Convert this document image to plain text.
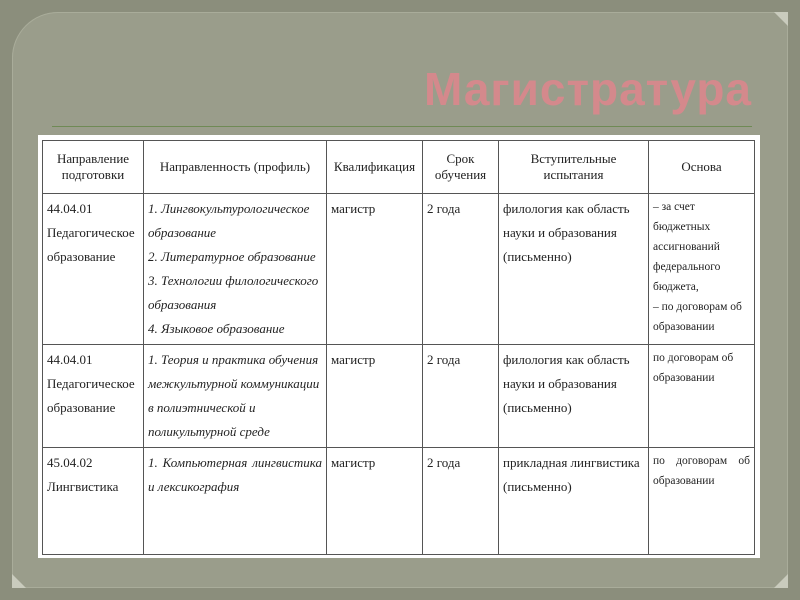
Магистратура
Направление подготовки	Направленность (профиль)	Квалификация	Срок обучения	Вступительные испытания	Основа
44.04.01 Педагогическое образование	1. Лингвокультурологическое образование
2. Литературное образование
3. Технологии филологического образования
4. Языковое образование	магистр	2 года	филология как область науки и образования (письменно)	– за счет бюджетных ассигнований федерального бюджета,
– по договорам об образовании

44.04.01 Педагогическое образование	1. Теория и практика обучения межкультурной коммуникации в полиэтнической и поликультурной среде	магистр	2 года	филология как область науки и образования (письменно)	по договорам об образовании

45.04.02 Лингвистика	1. Компьютерная лингвистика и лексикография	магистр	2 года	прикладная лингвистика (письменно)	по договорам об образовании
